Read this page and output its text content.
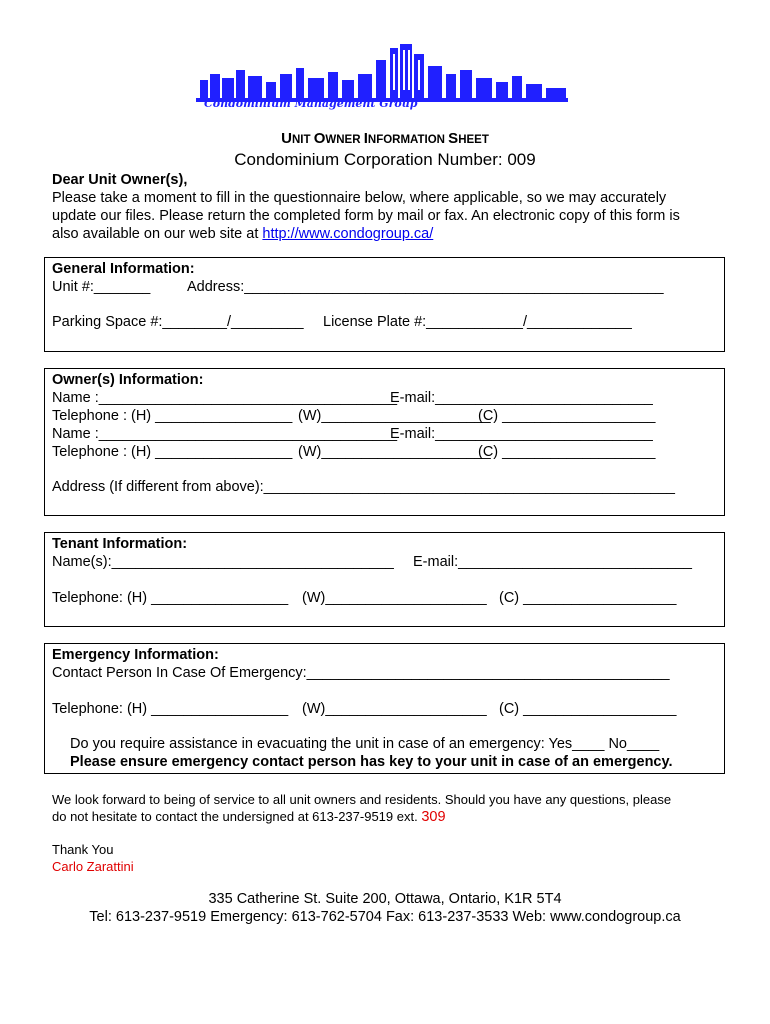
Condominium Management Group
UNIT OWNER INFORMATION SHEET
Condominium Corporation Number: 009
Dear Unit Owner(s),
Please take a moment to fill in the questionnaire below, where applicable, so we may accurately
update our files. Please return the completed form by mail or fax. An electronic copy of this form is
also available on our web site at http://www.condogroup.ca/
General Information:
Unit #:_______	Address:____________________________________________________
Parking Space #:________/_________ License Plate #:____________/_____________
Owner(s) Information:
Name :_____________________________________
E-mail:___________________________
Telephone : (H) _________________ (W)_____________________
(C) ___________________
Name :_____________________________________
E-mail:___________________________
Telephone : (H) _________________ (W)_____________________
(C) ___________________
Address (If different from above):___________________________________________________
Tenant Information:
Name(s):___________________________________ E-mail:_____________________________
Telephone: (H) _________________ (W)____________________ (C) ___________________
Emergency Information:
Contact Person In Case Of Emergency:_____________________________________________
Telephone: (H) _________________ (W)____________________ (C) ___________________
Do you require assistance in evacuating the unit in case of an emergency: Yes____ No____
Please ensure emergency contact person has key to your unit in case of an emergency.
We look forward to being of service to all unit owners and residents. Should you have any questions, please
do not hesitate to contact the undersigned at 613-237-9519 ext. 309
Thank You
Carlo Zarattini
335 Catherine St. Suite 200, Ottawa, Ontario, K1R 5T4
Tel: 613-237-9519 Emergency: 613-762-5704 Fax: 613-237-3533 Web: www.condogroup.ca
